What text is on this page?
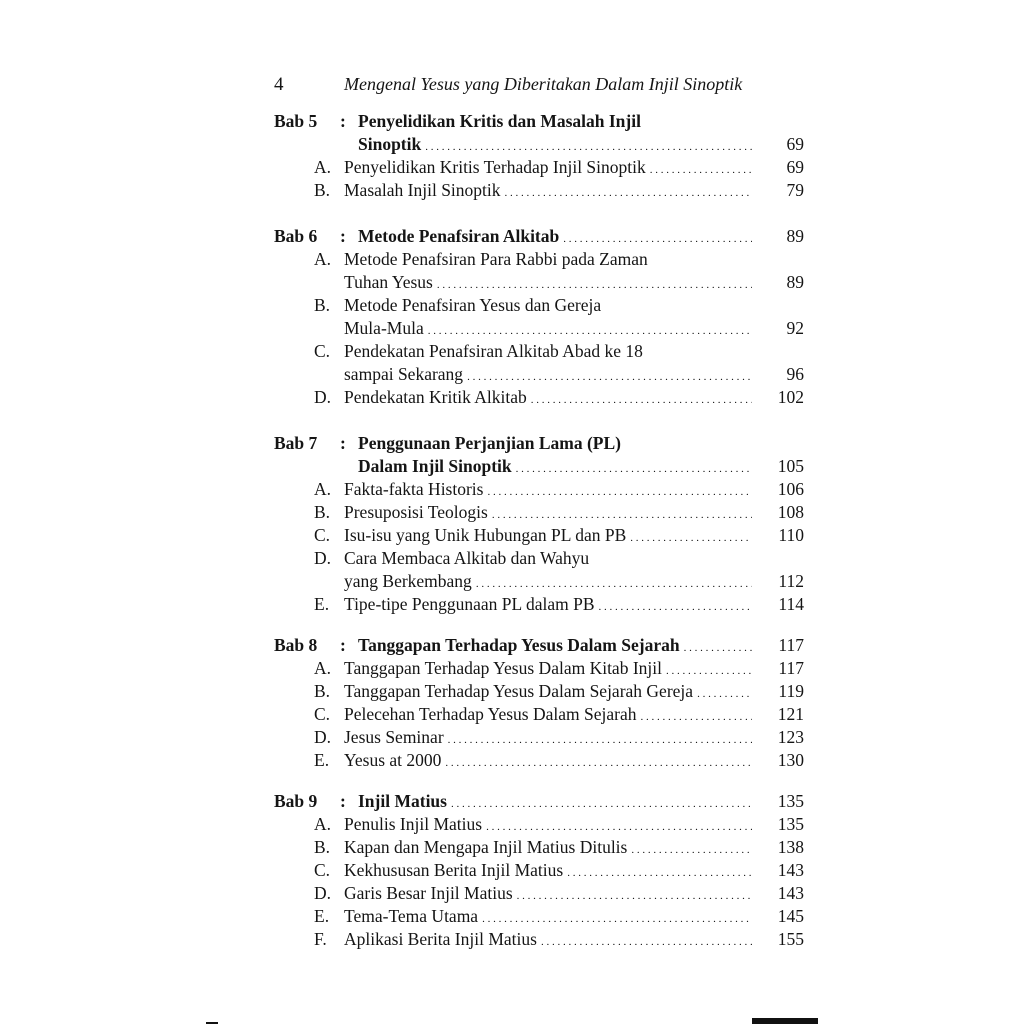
4	Mengenal Yesus yang Diberitakan Dalam Injil Sinoptik
Bab 5 : Penyelidikan Kritis dan Masalah Injil
Sinoptik . . .	69
A. Penyelidikan Kritis Terhadap Injil Sinoptik . . .	69
B. Masalah Injil Sinoptik . . .	79
Bab 6 : Metode Penafsiran Alkitab . . .	89
A. Metode Penafsiran Para Rabbi pada Zaman
Tuhan Yesus . . .	89
B. Metode Penafsiran Yesus dan Gereja
Mula-Mula . . .	92
C. Pendekatan Penafsiran Alkitab Abad ke 18
sampai Sekarang . . .	96
D. Pendekatan Kritik Alkitab . . .	102
Bab 7 : Penggunaan Perjanjian Lama (PL)
Dalam Injil Sinoptik . . .	105
A. Fakta-fakta Historis . . .	106
B. Presuposisi Teologis . . .	108
C. Isu-isu yang Unik Hubungan PL dan PB . . .	110
D. Cara Membaca Alkitab dan Wahyu
yang Berkembang . . .	112
E. Tipe-tipe Penggunaan PL dalam PB . . .	114
Bab 8 : Tanggapan Terhadap Yesus Dalam Sejarah . . .	117
A. Tanggapan Terhadap Yesus Dalam Kitab Injil . . .	117
B. Tanggapan Terhadap Yesus Dalam Sejarah Gereja . . .	119
C. Pelecehan Terhadap Yesus Dalam Sejarah . . .	121
D. Jesus Seminar . . .	123
E. Yesus at 2000 . . .	130
Bab 9 : Injil Matius . . .	135
A. Penulis Injil Matius . . .	135
B. Kapan dan Mengapa Injil Matius Ditulis . . .	138
C. Kekhususan Berita Injil Matius . . .	143
D. Garis Besar Injil Matius . . .	143
E. Tema-Tema Utama . . .	145
F. Aplikasi Berita Injil Matius . . .	155
